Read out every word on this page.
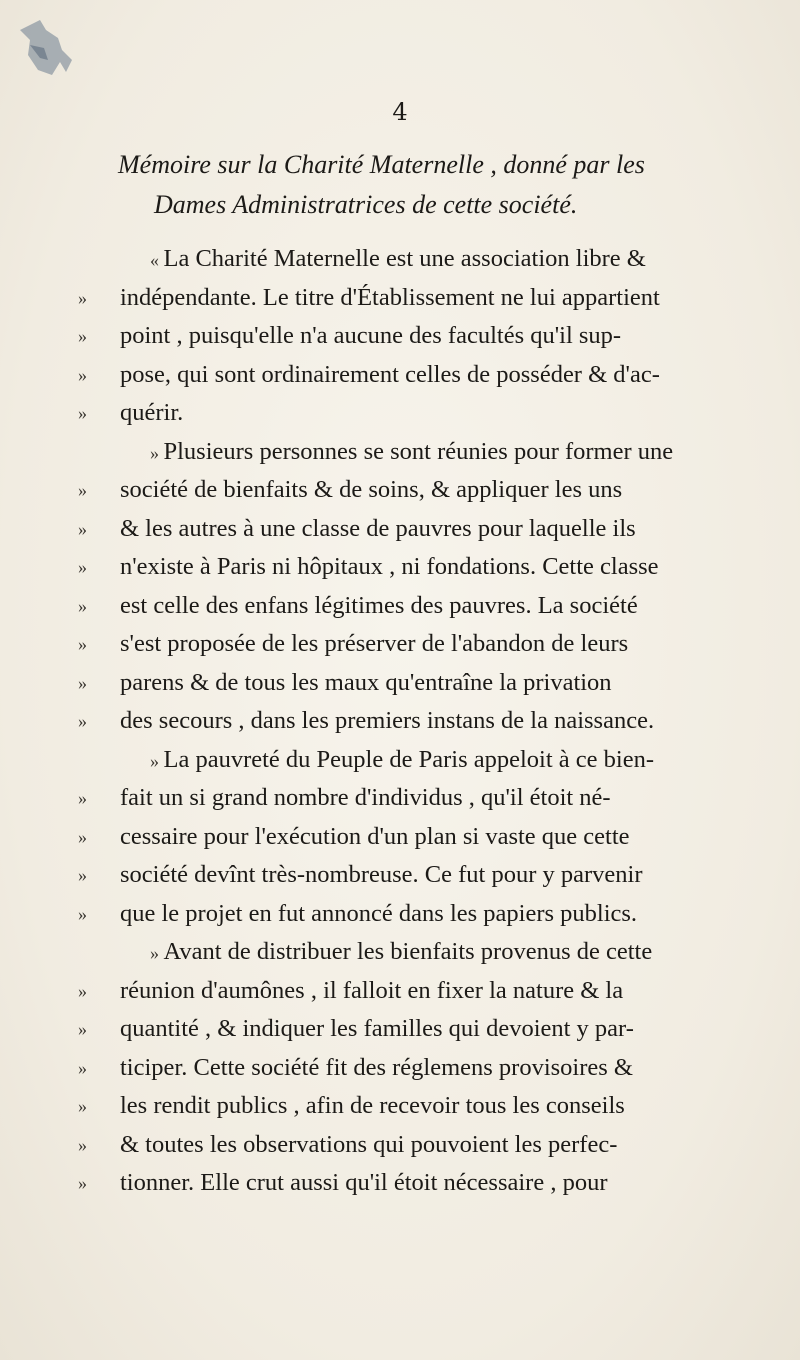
4
Mémoire sur la Charité Maternelle , donné par les
Dames Administratrices de cette société.
« La Charité Maternelle est une association libre &
»	indépendante. Le titre d'Établissement ne lui appartient
»	point , puisqu'elle n'a aucune des facultés qu'il sup-
»	pose, qui sont ordinairement celles de posséder & d'ac-
»	quérir.
» Plusieurs personnes se sont réunies pour former une
»	société de bienfaits & de soins, & appliquer les uns
»	& les autres à une classe de pauvres pour laquelle ils
»	n'existe à Paris ni hôpitaux , ni fondations. Cette classe
»	est celle des enfans légitimes des pauvres. La société
»	s'est proposée de les préserver de l'abandon de leurs
»	parens & de tous les maux qu'entraîne la privation
»	des secours , dans les premiers instans de la naissance.
» La pauvreté du Peuple de Paris appeloit à ce bien-
»	fait un si grand nombre d'individus , qu'il étoit né-
»	cessaire pour l'exécution d'un plan si vaste que cette
»	société devînt très-nombreuse. Ce fut pour y parvenir
»	que le projet en fut annoncé dans les papiers publics.
» Avant de distribuer les bienfaits provenus de cette
»	réunion d'aumônes , il falloit en fixer la nature & la
»	quantité , & indiquer les familles qui devoient y par-
»	ticiper. Cette société fit des réglemens provisoires &
»	les rendit publics , afin de recevoir tous les conseils
»	& toutes les observations qui pouvoient les perfec-
»	tionner. Elle crut aussi qu'il étoit nécessaire , pour
